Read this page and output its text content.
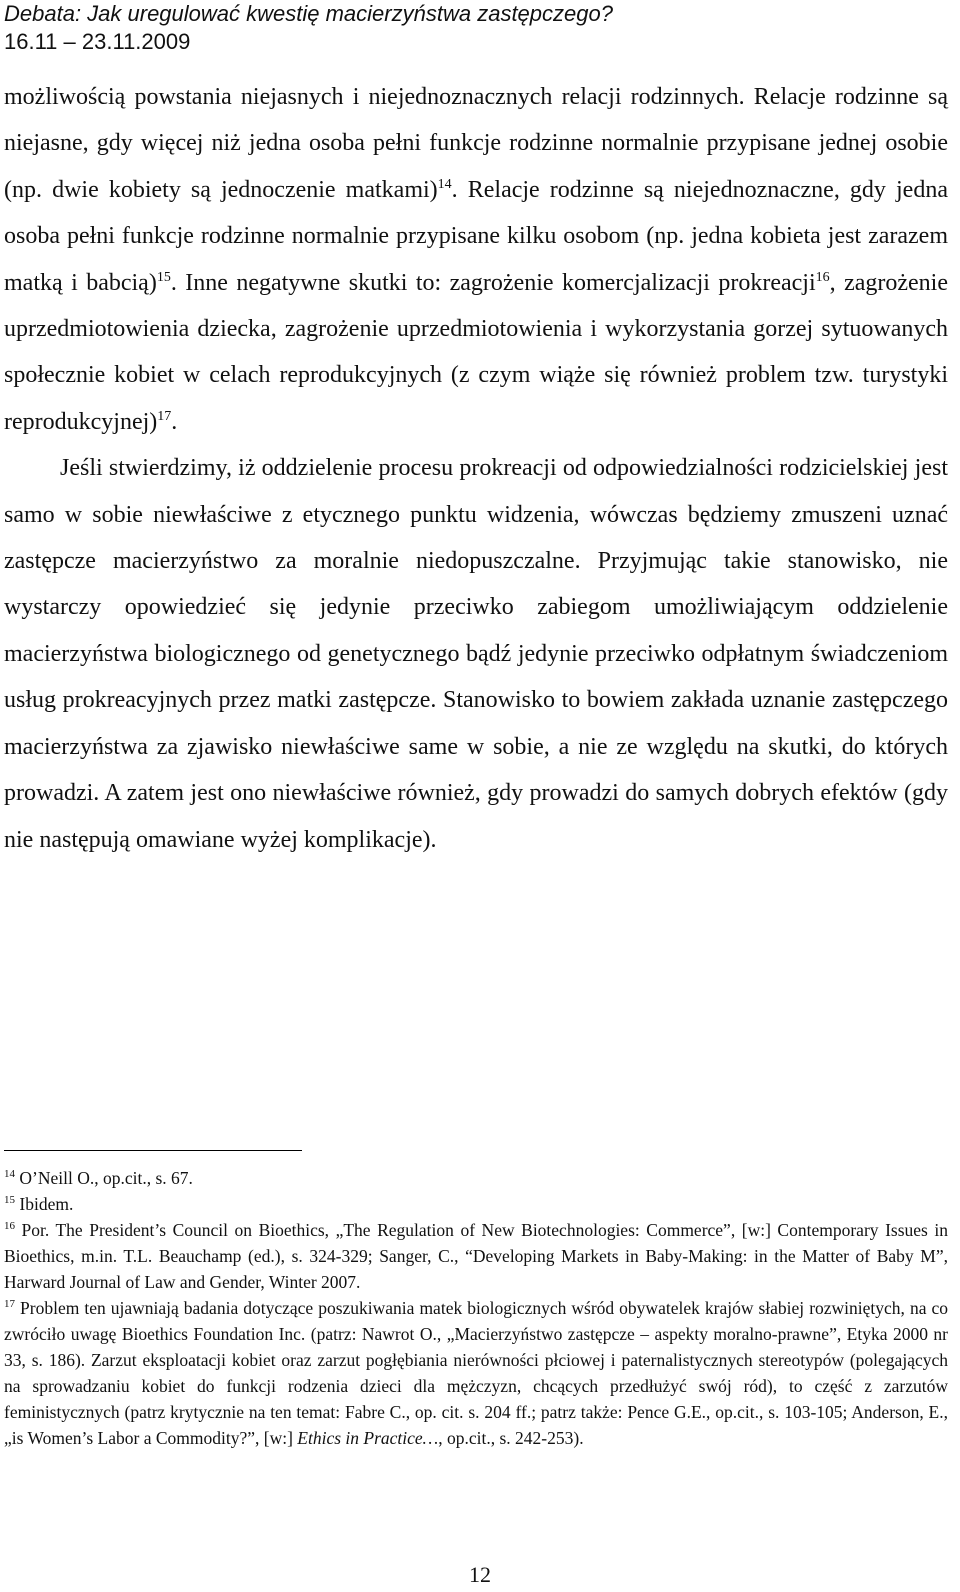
Debata: Jak uregulować kwestię macierzyństwa zastępczego?
16.11 – 23.11.2009

możliwością powstania niejasnych i niejednoznacznych relacji rodzinnych. Relacje rodzinne są niejasne, gdy więcej niż jedna osoba pełni funkcje rodzinne normalnie przypisane jednej osobie (np. dwie kobiety są jednoczenie matkami)$^{14}$. Relacje rodzinne są niejednoznaczne, gdy jedna osoba pełni funkcje rodzinne normalnie przypisane kilku osobom (np. jedna kobieta jest zarazem matką i babcią)$^{15}$. Inne negatywne skutki to: zagrożenie komercjalizacji prokreacji$^{16}$, zagrożenie uprzedmiotowienia dziecka, zagrożenie uprzedmiotowienia i wykorzystania gorzej sytuowanych społecznie kobiet w celach reprodukcyjnych (z czym wiąże się również problem tzw. turystyki reprodukcyjnej)$^{17}$.

Jeśli stwierdzimy, iż oddzielenie procesu prokreacji od odpowiedzialności rodzicielskiej jest samo w sobie niewłaściwe z etycznego punktu widzenia, wówczas będziemy zmuszeni uznać zastępcze macierzyństwo za moralnie niedopuszczalne. Przyjmując takie stanowisko, nie wystarczy opowiedzieć się jedynie przeciwko zabiegom umożliwiającym oddzielenie macierzyństwa biologicznego od genetycznego bądź jedynie przeciwko odpłatnym świadczeniom usług prokreacyjnych przez matki zastępcze. Stanowisko to bowiem zakłada uznanie zastępczego macierzyństwa za zjawisko niewłaściwe same w sobie, a nie ze względu na skutki, do których prowadzi. A zatem jest ono niewłaściwe również, gdy prowadzi do samych dobrych efektów (gdy nie następują omawiane wyżej komplikacje).

$^{14}$ O’Neill O., op.cit., s. 67.

$^{15}$ Ibidem.

$^{16}$ Por. The President’s Council on Bioethics, „The Regulation of New Biotechnologies: Commerce”, [w:] Contemporary Issues in Bioethics, m.in. T.L. Beauchamp (ed.), s. 324-329; Sanger, C., “Developing Markets in Baby-Making: in the Matter of Baby M”, Harward Journal of Law and Gender, Winter 2007.

$^{17}$ Problem ten ujawniają badania dotyczące poszukiwania matek biologicznych wśród obywatelek krajów słabiej rozwiniętych, na co zwróciło uwagę Bioethics Foundation Inc. (patrz: Nawrot O., „Macierzyństwo zastępcze – aspekty moralno-prawne”, Etyka 2000 nr 33, s. 186). Zarzut eksploatacji kobiet oraz zarzut pogłębiania nierówności płciowej i paternalistycznych stereotypów (polegających na sprowadzaniu kobiet do funkcji rodzenia dzieci dla mężczyzn, chcących przedłużyć swój ród), to część z zarzutów feministycznych (patrz krytycznie na ten temat: Fabre C., op. cit. s. 204 ff.; patrz także: Pence G.E., op.cit., s. 103-105; Anderson, E., „is Women’s Labor a Commodity?”, [w:] Ethics in Practice…, op.cit., s. 242-253).

12
